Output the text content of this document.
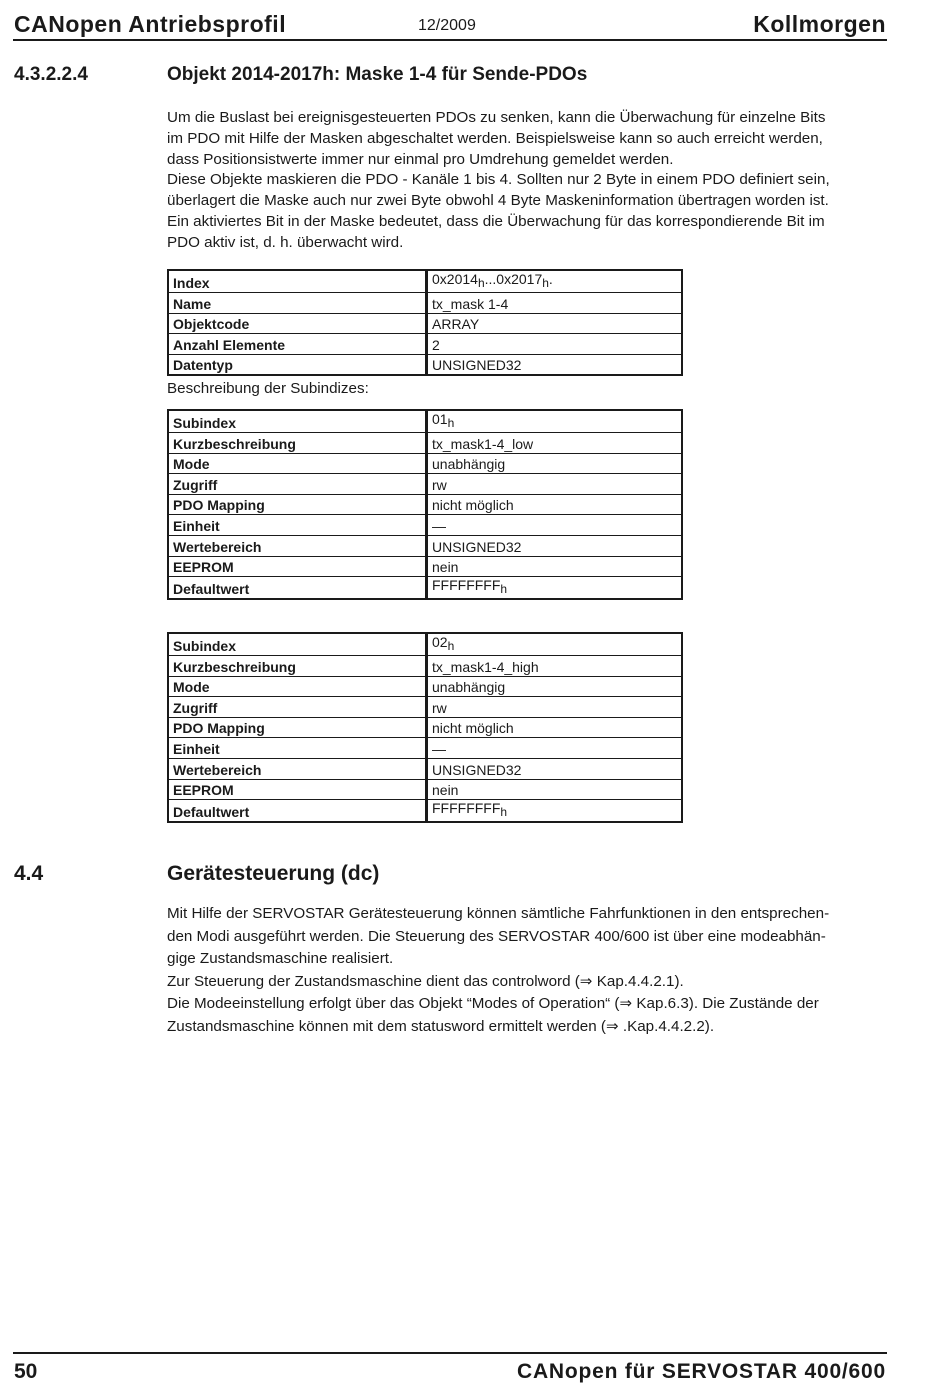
CANopen Antriebsprofil	12/2009	Kollmorgen
4.3.2.2.4	Objekt 2014-2017h: Maske 1-4 für Sende-PDOs

Um die Buslast bei ereignisgesteuerten PDOs zu senken, kann die Überwachung für einzelne Bits

im PDO mit Hilfe der Masken abgeschaltet werden. Beispielsweise kann so auch erreicht werden,

dass Positionsistwerte immer nur einmal pro Umdrehung gemeldet werden.

Diese Objekte maskieren die PDO - Kanäle 1 bis 4. Sollten nur 2 Byte in einem PDO definiert sein,

überlagert die Maske auch nur zwei Byte obwohl 4 Byte Maskeninformation übertragen worden ist.

Ein aktiviertes Bit in der Maske bedeutet, dass die Überwachung für das korrespondierende Bit im

PDO aktiv ist, d. h. überwacht wird.

Index	0x2014h...0x2017h.
Name	tx_mask 1-4
Objektcode	ARRAY
Anzahl Elemente	2
Datentyp	UNSIGNED32
Beschreibung der Subindizes:
Subindex	01h
Kurzbeschreibung	tx_mask1-4_low
Mode	unabhängig
Zugriff	rw
PDO Mapping	nicht möglich
Einheit	—
Wertebereich	UNSIGNED32
EEPROM	nein
Defaultwert	FFFFFFFFh
Subindex	02h
Kurzbeschreibung	tx_mask1-4_high
Mode	unabhängig
Zugriff	rw
PDO Mapping	nicht möglich
Einheit	—
Wertebereich	UNSIGNED32
EEPROM	nein
Defaultwert	FFFFFFFFh
4.4	Gerätesteuerung (dc)

Mit Hilfe der SERVOSTAR Gerätesteuerung können sämtliche Fahrfunktionen in den entsprechen-

den Modi ausgeführt werden. Die Steuerung des SERVOSTAR 400/600 ist über eine modeabhän-

gige Zustandsmaschine realisiert.

Zur Steuerung der Zustandsmaschine dient das controlword (⇒ Kap.4.4.2.1).

Die Modeeinstellung erfolgt über das Objekt “Modes of Operation“ (⇒ Kap.6.3). Die Zustände der

Zustandsmaschine können mit dem statusword ermittelt werden (⇒ .Kap.4.4.2.2).

50	CANopen für SERVOSTAR 400/600
